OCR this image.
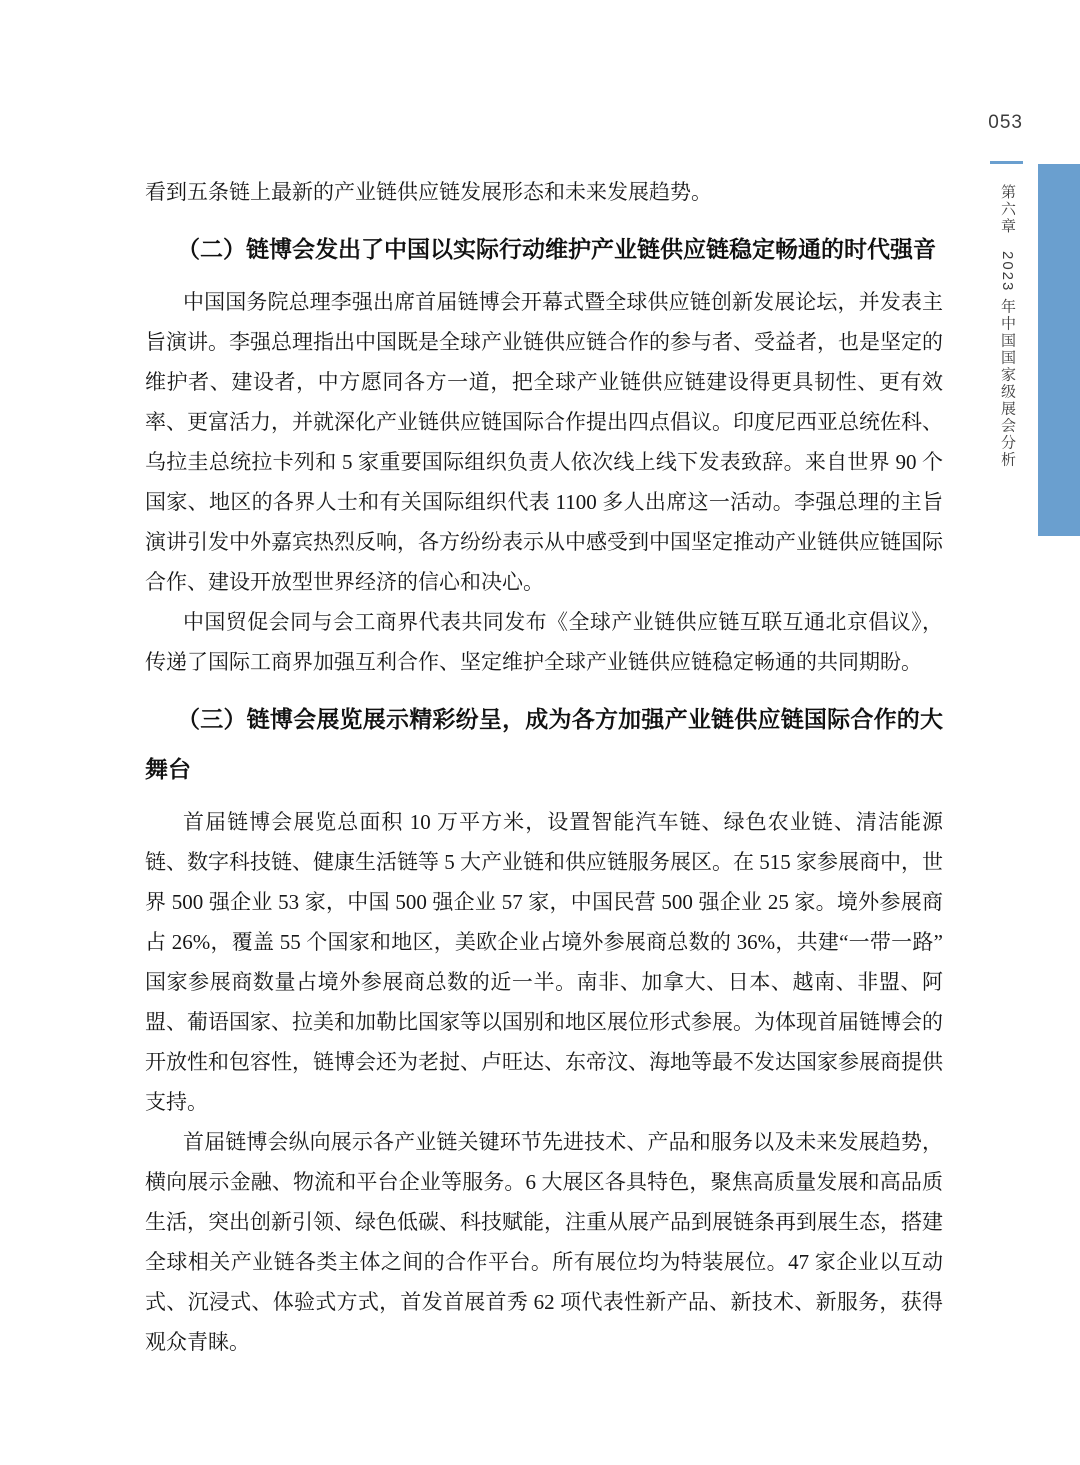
053
第六章2023 年中国国家级展会分析

看到五条链上最新的产业链供应链发展形态和未来发展趋势。

（二）链博会发出了中国以实际行动维护产业链供应链稳定畅通的时代强音

中国国务院总理李强出席首届链博会开幕式暨全球供应链创新发展论坛，并发表主旨演讲。李强总理指出中国既是全球产业链供应链合作的参与者、受益者，也是坚定的维护者、建设者，中方愿同各方一道，把全球产业链供应链建设得更具韧性、更有效率、更富活力，并就深化产业链供应链国际合作提出四点倡议。印度尼西亚总统佐科、乌拉圭总统拉卡列和 5 家重要国际组织负责人依次线上线下发表致辞。来自世界 90 个国家、地区的各界人士和有关国际组织代表 1100 多人出席这一活动。李强总理的主旨演讲引发中外嘉宾热烈反响，各方纷纷表示从中感受到中国坚定推动产业链供应链国际合作、建设开放型世界经济的信心和决心。

中国贸促会同与会工商界代表共同发布《全球产业链供应链互联互通北京倡议》，传递了国际工商界加强互利合作、坚定维护全球产业链供应链稳定畅通的共同期盼。

（三）链博会展览展示精彩纷呈，成为各方加强产业链供应链国际合作的大舞台

首届链博会展览总面积 10 万平方米，设置智能汽车链、绿色农业链、清洁能源链、数字科技链、健康生活链等 5 大产业链和供应链服务展区。在 515 家参展商中，世界 500 强企业 53 家，中国 500 强企业 57 家，中国民营 500 强企业 25 家。境外参展商占 26%，覆盖 55 个国家和地区，美欧企业占境外参展商总数的 36%，共建“一带一路”国家参展商数量占境外参展商总数的近一半。南非、加拿大、日本、越南、非盟、阿盟、葡语国家、拉美和加勒比国家等以国别和地区展位形式参展。为体现首届链博会的开放性和包容性，链博会还为老挝、卢旺达、东帝汶、海地等最不发达国家参展商提供支持。

首届链博会纵向展示各产业链关键环节先进技术、产品和服务以及未来发展趋势，横向展示金融、物流和平台企业等服务。6 大展区各具特色，聚焦高质量发展和高品质生活，突出创新引领、绿色低碳、科技赋能，注重从展产品到展链条再到展生态，搭建全球相关产业链各类主体之间的合作平台。所有展位均为特装展位。47 家企业以互动式、沉浸式、体验式方式，首发首展首秀 62 项代表性新产品、新技术、新服务，获得观众青睐。
